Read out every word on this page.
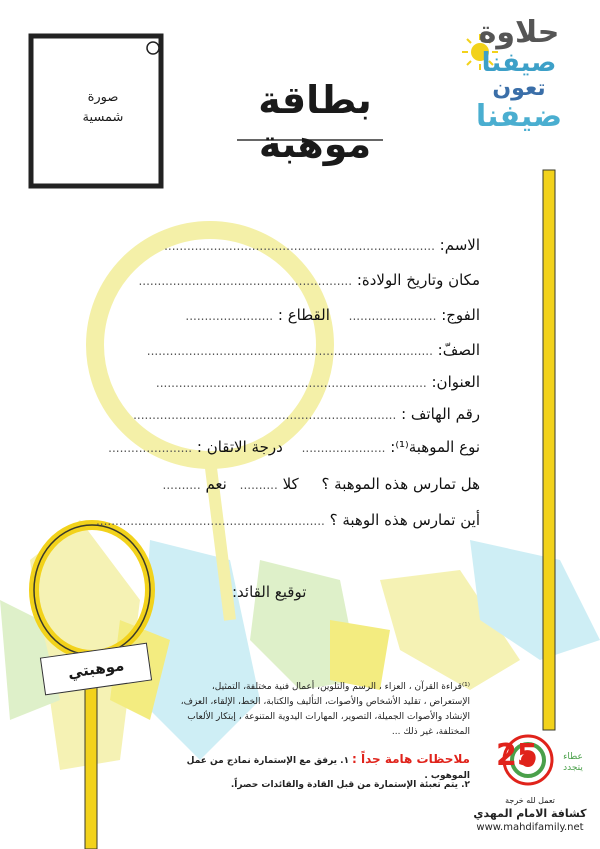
صورة
شمسية	بطاقة موهبة
حلاوة
صيفنا
تعون
ضيفنا
الاسم: .......................................................................
مكان وتاريخ الولادة: ........................................................
الفوج: ....................... القطاع : .......................
الصفّ: ...........................................................................
العنوان: .......................................................................
رقم الهاتف : .....................................................................
نوع الموهبة⁽¹⁾: ...................... درجة الاتقان : ......................
هل تمارس هذه الموهبة ؟ كلا .......... نعم ..........
أين تمارس هذه الوهبة ؟ ............................................................
توقيع القائد:
موهبتي
⁽¹⁾قراءة القرآن ، العزاء ، الرسم والتلوين، أعمال فنية مختلفة، التمثيل، الإستعراض ، تقليد الأشخاص والأصوات، التأليف والكتابة، الخط، الإلقاء، العزف، الإنشاد والأصوات الجميلة، التصوير، المهارات اليدوية المتنوعة ، إبتكار الألعاب المختلفة، غير ذلك ...
ملاحظات هامة جداً : ١. يرفق مع الإستمارة نماذج من عمل الموهوب .
٢. يتم تعبئة الإستمارة من قبل القادة والقائدات حصراً.
25	عطاء
يتجدد
تعمل لله خرجة
كشافة الامام المهدي
www.mahdifamily.net
